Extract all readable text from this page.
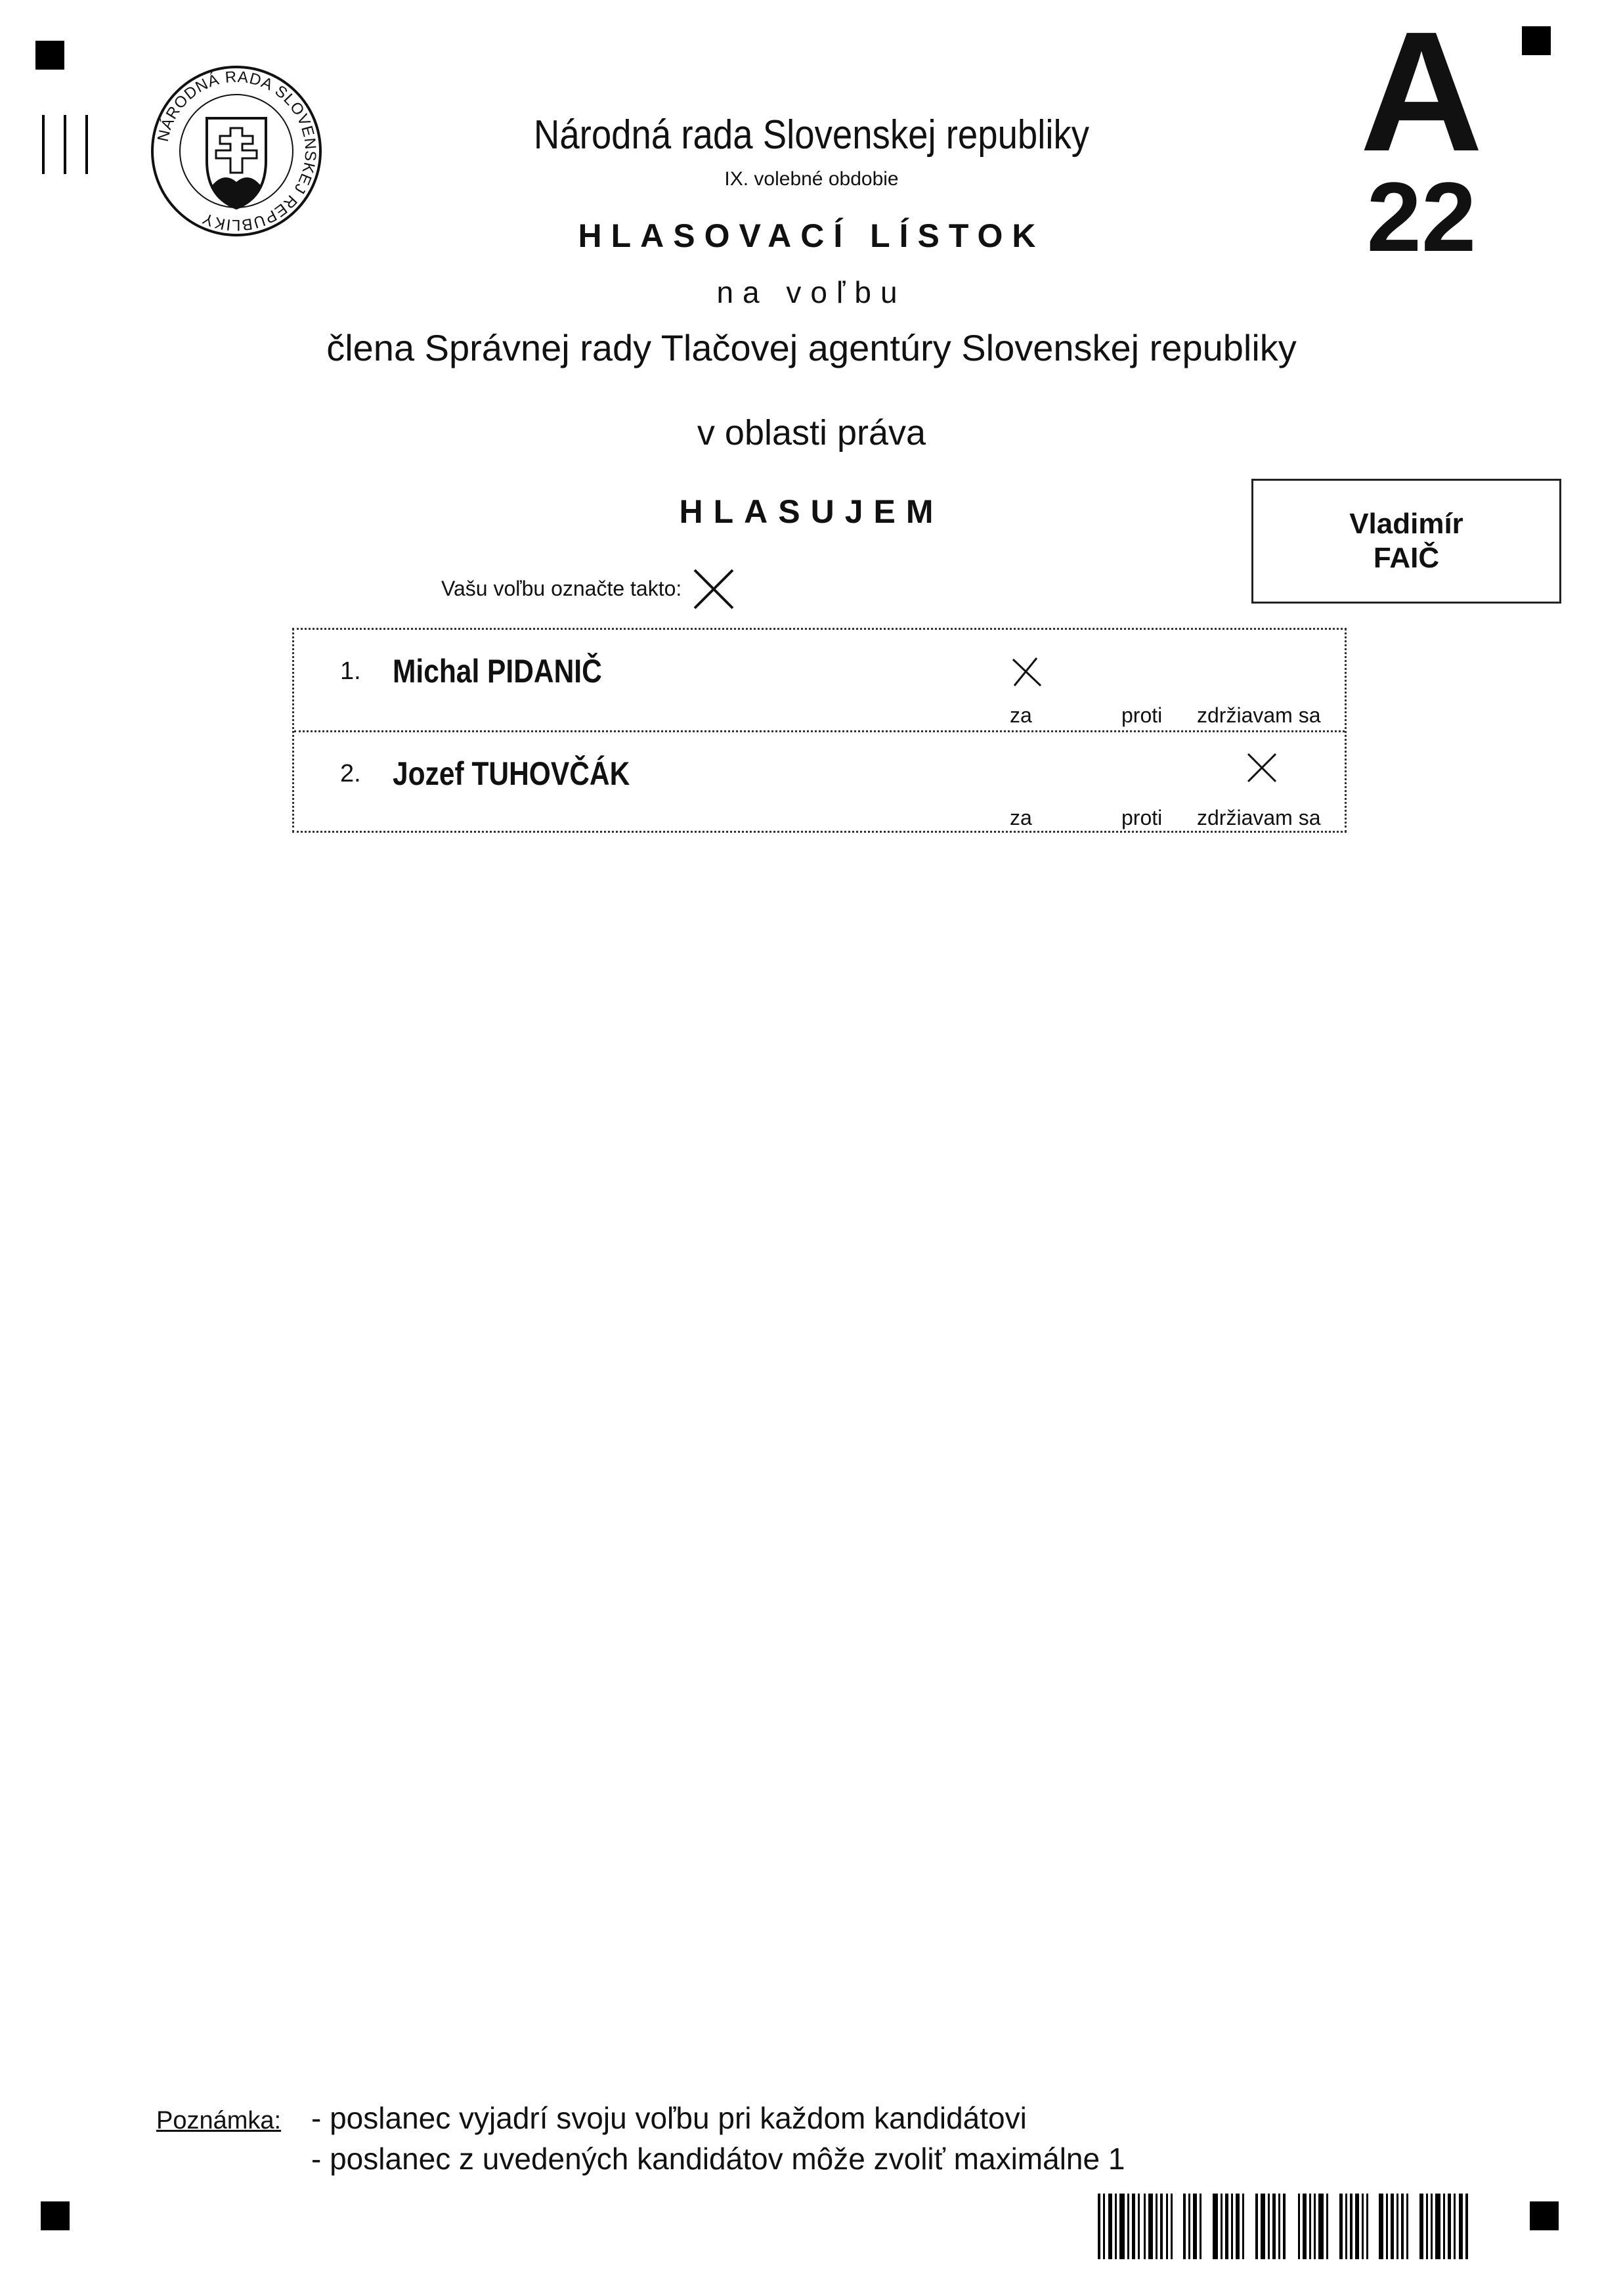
NÁRODNÁ RADA SLOVENSKEJ REPUBLIKY
Národná rada Slovenskej republiky
IX. volebné obdobie
HLASOVACÍ LÍSTOK
na voľbu
člena Správnej rady Tlačovej agentúry Slovenskej republiky
v oblasti práva
HLASUJEM
A
22
Vladimír
FAIČ
Vašu voľbu označte takto:
1. Michal PIDANIČ
za	proti zdržiavam sa
2. Jozef TUHOVČÁK
za	proti zdržiavam sa
Poznámka: - poslanec vyjadrí svoju voľbu pri každom kandidátovi
- poslanec z uvedených kandidátov môže zvoliť maximálne 1
